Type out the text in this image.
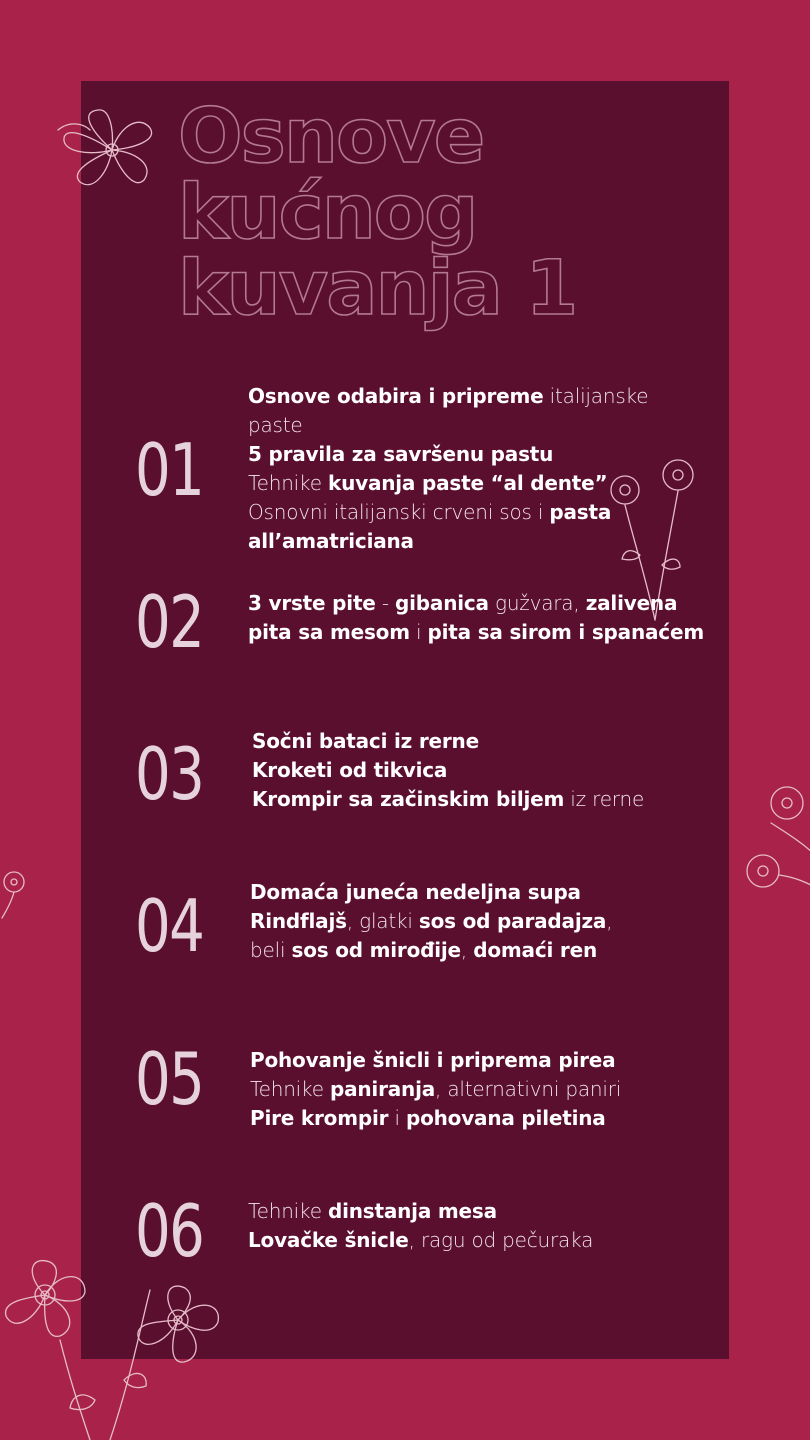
Osnove
kućnog
kuvanja 1
01
Osnove odabira i pripreme italijanske
paste
5 pravila za savršenu pastu
Tehnike kuvanja paste “al dente”
Osnovni italijanski crveni sos i pasta
all’amatriciana
02	3 vrste pite - gibanica gužvara, zalivena
pita sa mesom i pita sa sirom i spanaćem
03	Sočni bataci iz rerne
Kroketi od tikvica
Krompir sa začinskim biljem iz rerne
04	Domaća juneća nedeljna supa
Rindflajš, glatki sos od paradajza,
beli sos od mirođije, domaći ren
05	Pohovanje šnicli i priprema pirea
Tehnike paniranja, alternativni paniri
Pire krompir i pohovana piletina
06	Tehnike dinstanja mesa
Lovačke šnicle, ragu od pečuraka
